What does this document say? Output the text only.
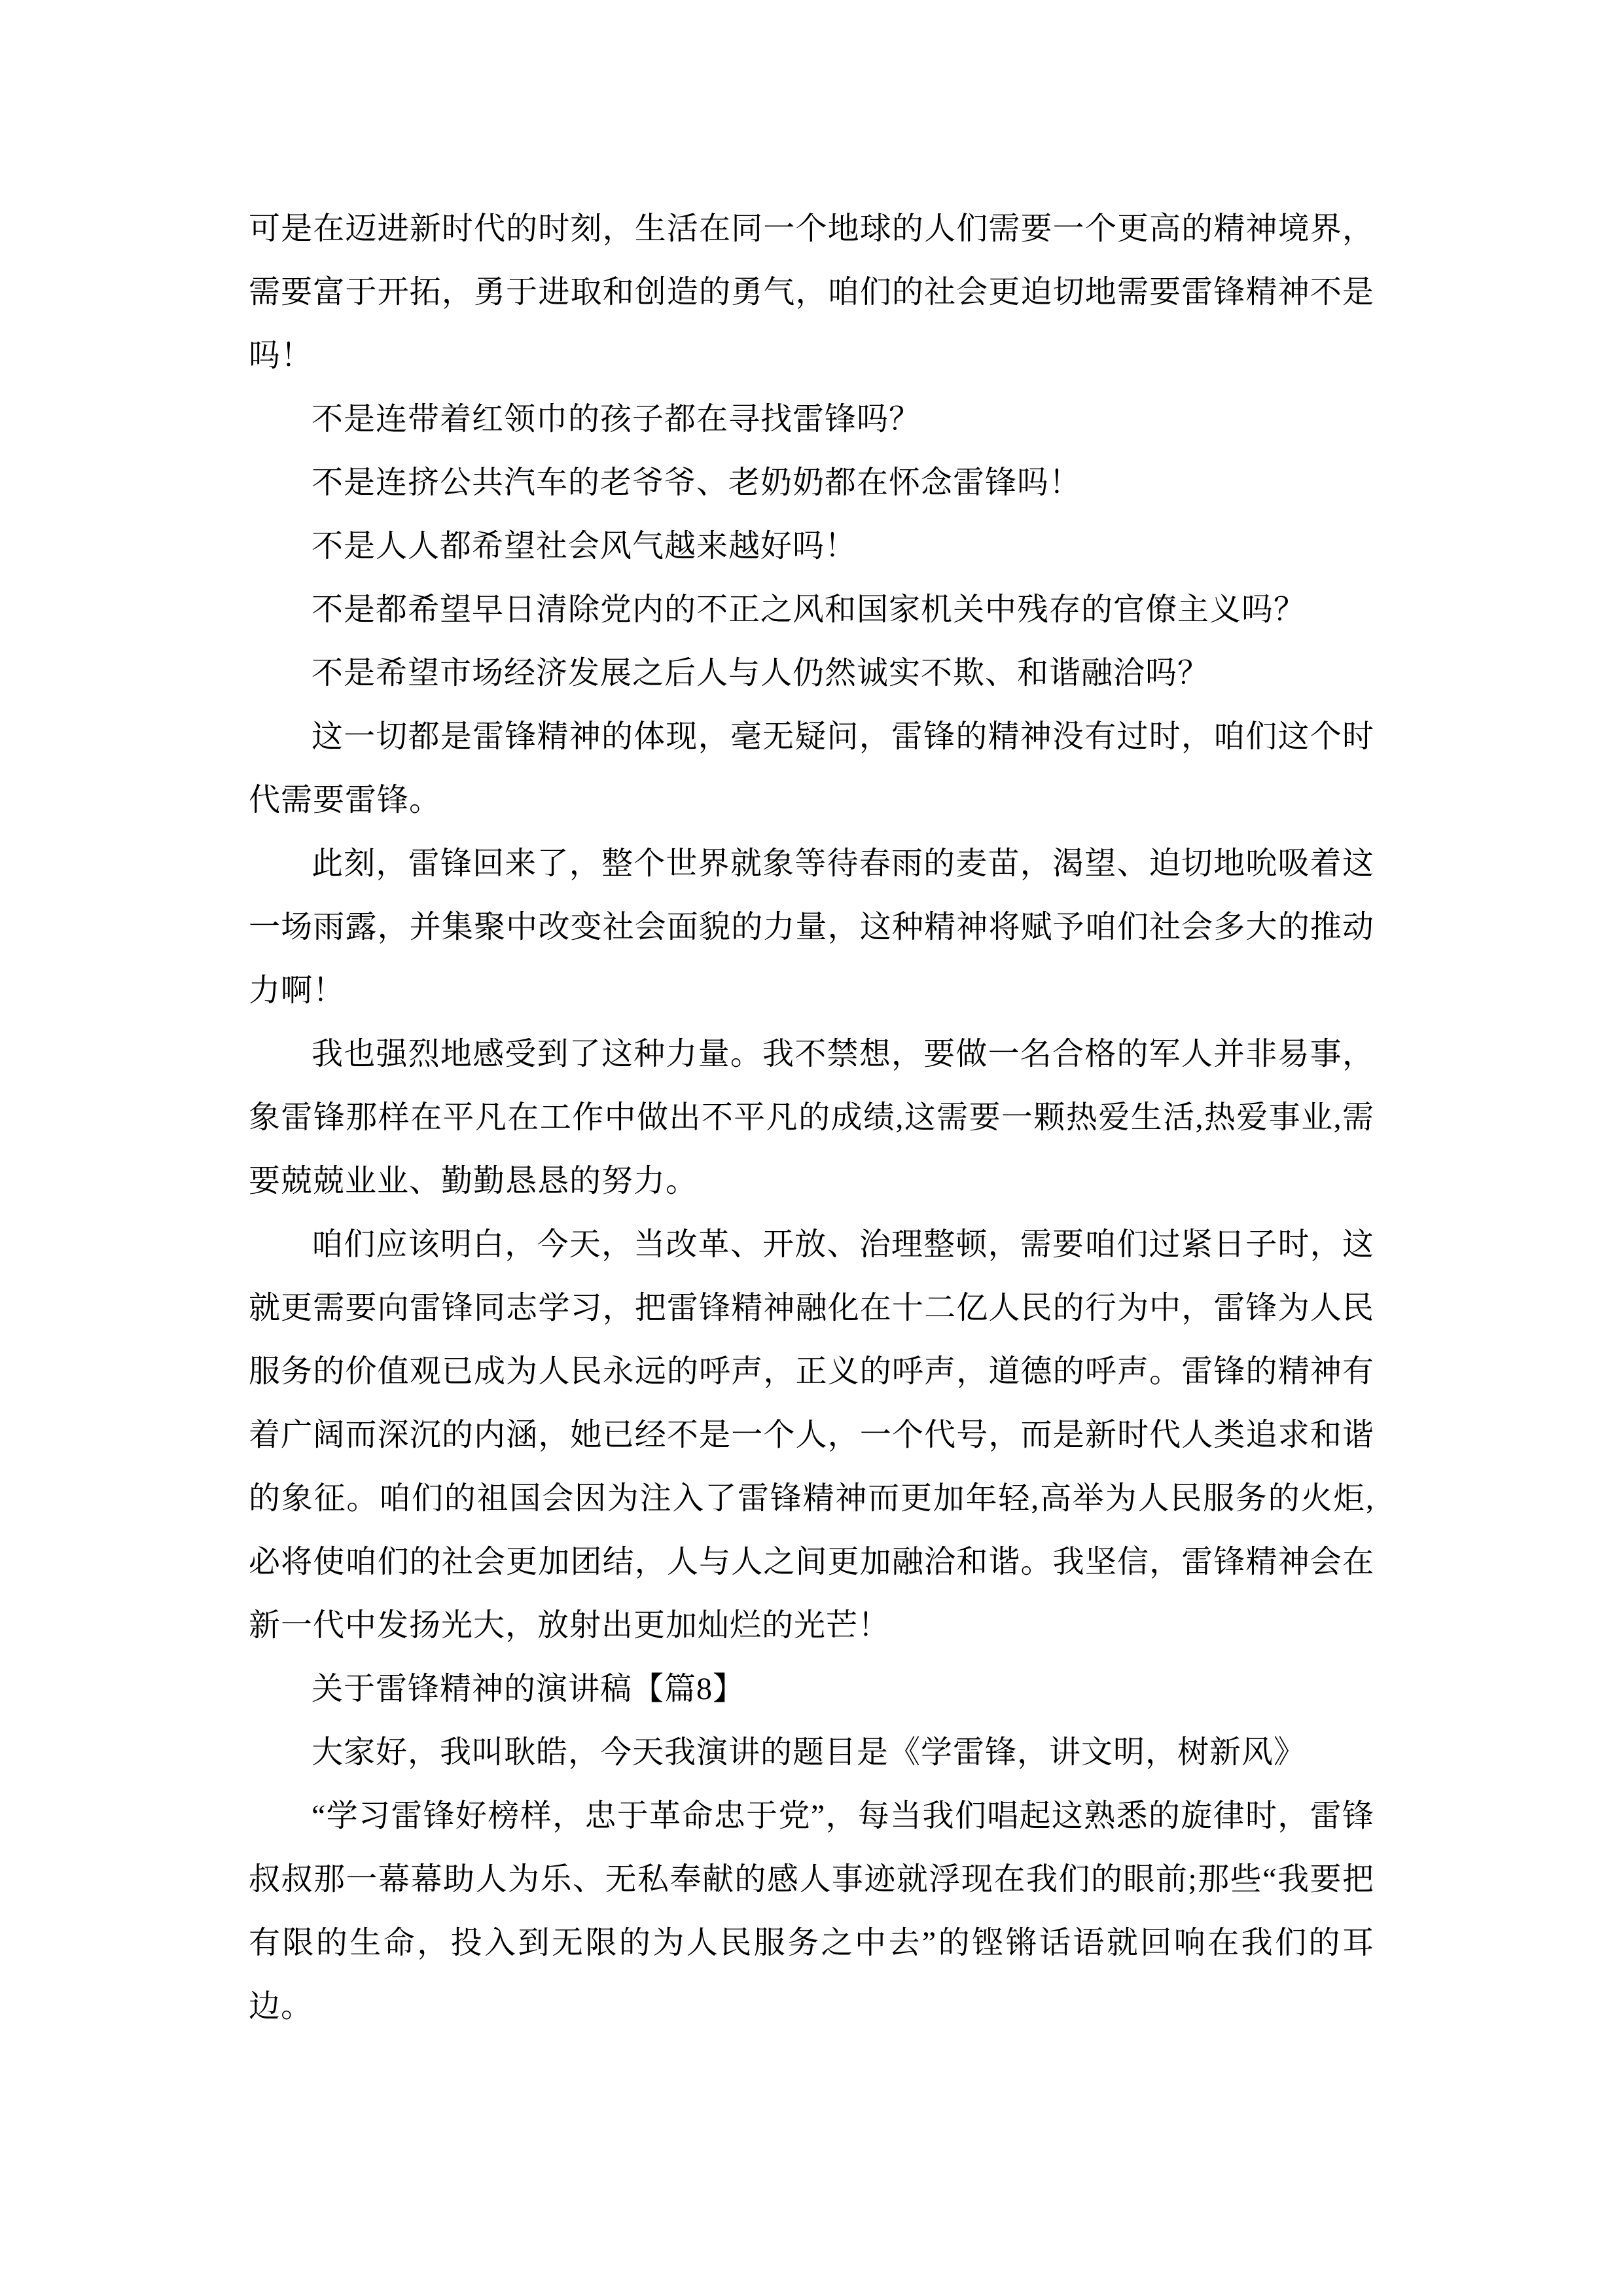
可是在迈进新时代的时刻，生活在同一个地球的人们需要一个更高的精神境界，需要富于开拓，勇于进取和创造的勇气，咱们的社会更迫切地需要雷锋精神不是吗！

不是连带着红领巾的孩子都在寻找雷锋吗？

不是连挤公共汽车的老爷爷、老奶奶都在怀念雷锋吗！

不是人人都希望社会风气越来越好吗！

不是都希望早日清除党内的不正之风和国家机关中残存的官僚主义吗？

不是希望市场经济发展之后人与人仍然诚实不欺、和谐融洽吗？

这一切都是雷锋精神的体现，毫无疑问，雷锋的精神没有过时，咱们这个时代需要雷锋。

此刻，雷锋回来了，整个世界就象等待春雨的麦苗，渴望、迫切地吮吸着这一场雨露，并集聚中改变社会面貌的力量，这种精神将赋予咱们社会多大的推动力啊！

我也强烈地感受到了这种力量。我不禁想，要做一名合格的军人并非易事，象雷锋那样在平凡在工作中做出不平凡的成绩,这需要一颗热爱生活,热爱事业,需要兢兢业业、勤勤恳恳的努力。

咱们应该明白，今天，当改革、开放、治理整顿，需要咱们过紧日子时，这就更需要向雷锋同志学习，把雷锋精神融化在十二亿人民的行为中，雷锋为人民服务的价值观已成为人民永远的呼声，正义的呼声，道德的呼声。雷锋的精神有着广阔而深沉的内涵，她已经不是一个人，一个代号，而是新时代人类追求和谐的象征。咱们的祖国会因为注入了雷锋精神而更加年轻,高举为人民服务的火炬,必将使咱们的社会更加团结，人与人之间更加融洽和谐。我坚信，雷锋精神会在新一代中发扬光大，放射出更加灿烂的光芒！

关于雷锋精神的演讲稿【篇8】

大家好，我叫耿皓，今天我演讲的题目是《学雷锋，讲文明，树新风》

“学习雷锋好榜样，忠于革命忠于党”，每当我们唱起这熟悉的旋律时，雷锋叔叔那一幕幕助人为乐、无私奉献的感人事迹就浮现在我们的眼前;那些“我要把有限的生命，投入到无限的为人民服务之中去”的铿锵话语就回响在我们的耳边。
